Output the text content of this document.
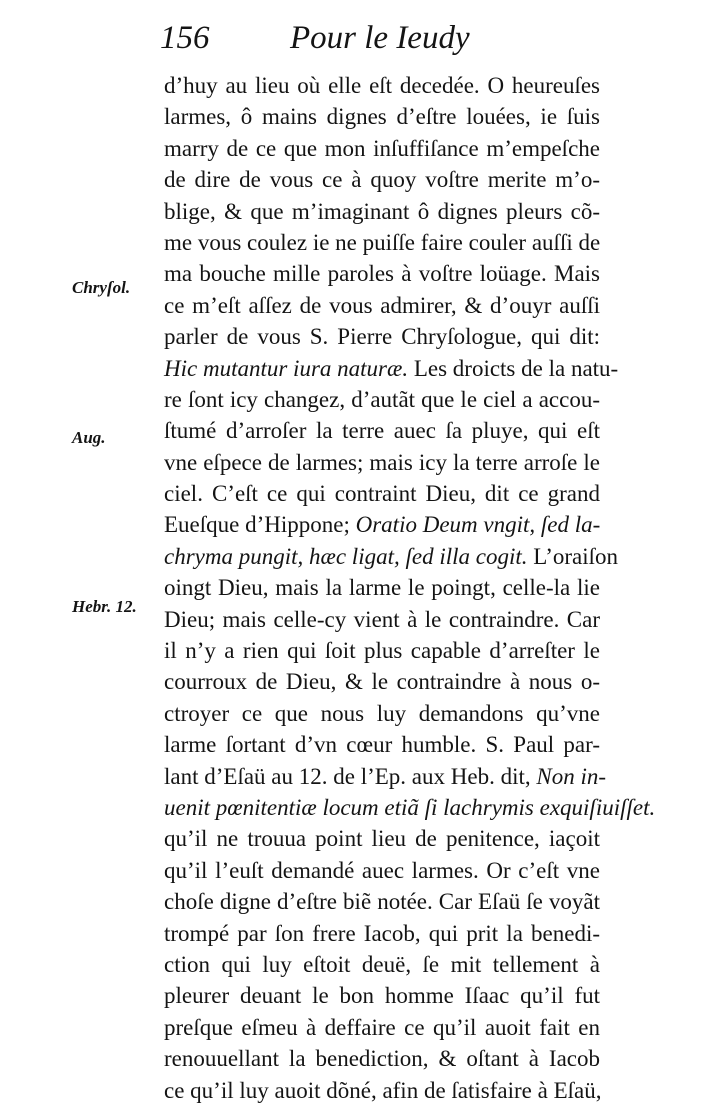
156 Pour le Ieudy
Chryſol.
Aug.
Hebr. 12.
d’huy au lieu où elle eſt decedée. O heureuſes
larmes, ô mains dignes d’eſtre louées, ie ſuis
marry de ce que mon inſuffiſance m’empeſche
de dire de vous ce à quoy voſtre merite m’o-
blige, & que m’imaginant ô dignes pleurs cõ-
me vous coulez ie ne puiſſe faire couler auſſi de
ma bouche mille paroles à voſtre loüage. Mais
ce m’eſt aſſez de vous admirer, & d’ouyr auſſi
parler de vous S. Pierre Chryſologue, qui dit:
Hic mutantur iura naturæ. Les droicts de la natu-
re ſont icy changez, d’autãt que le ciel a accou-
ſtumé d’arroſer la terre auec ſa pluye, qui eſt
vne eſpece de larmes; mais icy la terre arroſe le
ciel. C’eſt ce qui contraint Dieu, dit ce grand
Eueſque d’Hippone; Oratio Deum vngit, ſed la-
chryma pungit, hæc ligat, ſed illa cogit. L’oraiſon
oingt Dieu, mais la larme le poingt, celle-la lie
Dieu; mais celle-cy vient à le contraindre. Car
il n’y a rien qui ſoit plus capable d’arreſter le
courroux de Dieu, & le contraindre à nous o-
ctroyer ce que nous luy demandons qu’vne
larme ſortant d’vn cœur humble. S. Paul par-
lant d’Eſaü au 12. de l’Ep. aux Heb. dit, Non in-
uenit pœnitentiæ locum etiã ſi lachrymis exquiſiuiſſet.
qu’il ne trouua point lieu de penitence, iaçoit
qu’il l’euſt demandé auec larmes. Or c’eſt vne
choſe digne d’eſtre biẽ notée. Car Eſaü ſe voyãt
trompé par ſon frere Iacob, qui prit la benedi-
ction qui luy eſtoit deuë, ſe mit tellement à
pleurer deuant le bon homme Iſaac qu’il fut
preſque eſmeu à deffaire ce qu’il auoit fait en
renouuellant la benediction, & oſtant à Iacob
ce qu’il luy auoit dõné, afin de ſatisfaire à Eſaü,
